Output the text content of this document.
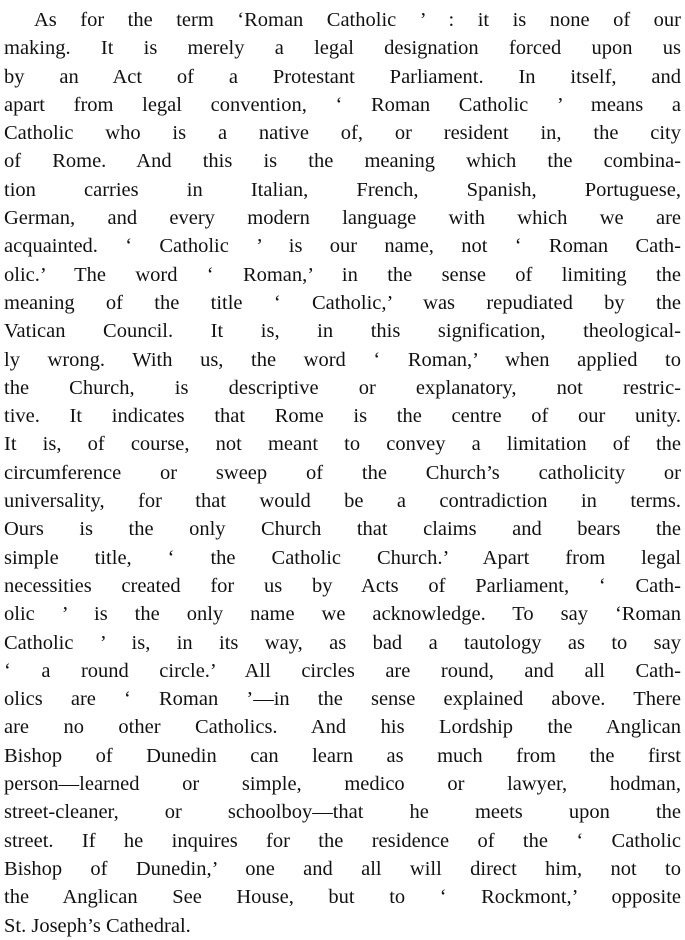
As for the term ‘Roman Catholic ’ : it is none of our
making. It is merely a legal designation forced upon us
by an Act of a Protestant Parliament. In itself, and
apart from legal convention, ‘ Roman Catholic ’ means a
Catholic who is a native of, or resident in, the city
of Rome. And this is the meaning which the combina-
tion carries in Italian, French, Spanish, Portuguese,
German, and every modern language with which we are
acquainted. ‘ Catholic ’ is our name, not ‘ Roman Cath-
olic.’ The word ‘ Roman,’ in the sense of limiting the
meaning of the title ‘ Catholic,’ was repudiated by the
Vatican Council. It is, in this signification, theological-
ly wrong. With us, the word ‘ Roman,’ when applied to
the Church, is descriptive or explanatory, not restric-
tive. It indicates that Rome is the centre of our unity.
It is, of course, not meant to convey a limitation of the
circumference or sweep of the Church’s catholicity or
universality, for that would be a contradiction in terms.
Ours is the only Church that claims and bears the
simple title, ‘ the Catholic Church.’ Apart from legal
necessities created for us by Acts of Parliament, ‘ Cath-
olic ’ is the only name we acknowledge. To say ‘Roman
Catholic ’ is, in its way, as bad a tautology as to say
‘ a round circle.’ All circles are round, and all Cath-
olics are ‘ Roman ’—in the sense explained above. There
are no other Catholics. And his Lordship the Anglican
Bishop of Dunedin can learn as much from the first
person—learned or simple, medico or lawyer, hodman,
street-cleaner, or schoolboy—that he meets upon the
street. If he inquires for the residence of the ‘ Catholic
Bishop of Dunedin,’ one and all will direct him, not to
the Anglican See House, but to ‘ Rockmont,’ opposite
St. Joseph’s Cathedral.
